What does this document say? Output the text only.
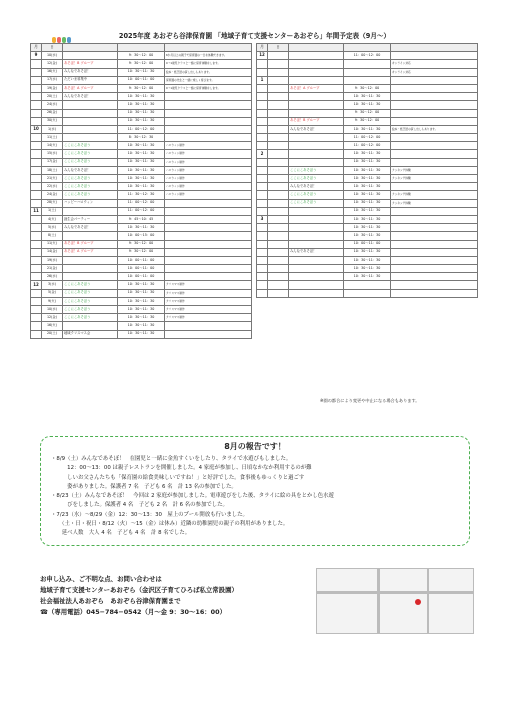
2025年度 あおぞら谷津保育園 「地域子育て支援センターあおぞら」年間予定表（9月〜）
月	日			
9	10(水)		9：30〜12：00	6か月以上の親子で保育園の一日を体験できます。
	12(金)	あそぼ！B グループ	9：30〜12：00	0〜1歳児クラスと一緒に保育体験をします。
	16(火)	みんなであそぼ！	10：30〜11：30	絵本・紙芝居の貸し出しもあります。
	17(水)	ただいま募集中	10：00〜11：00	保育園の先生と一緒に楽しく遊びます。
	19(金)	あそぼ！A グループ	9：30〜12：00	0〜1歳児クラスと一緒に保育体験をします。
	20(土)	みんなであそぼ！	10：30〜11：30	
	24(水)		10：30〜11：30	
	26(金)		10：30〜11：30	
	30(火)		10：30〜11：30	
10	1(水)		11：00〜12：00	
	11(土)		8：30〜12：30	
	14(火)	ここにこあそぼう	10：30〜11：30	ハロウィン制作
	15(水)	ここにこあそぼう	10：30〜11：30	ハロウィン制作
	17(金)	ここにこあそぼう	10：30〜11：30	ハロウィン制作
	18(土)	みんなであそぼ！	10：30〜11：30	ハロウィン制作
	21(火)	ここにこあそぼう	10：30〜11：30	ハロウィン制作
	22(水)	ここにこあそぼう	10：30〜11：30	ハロウィン制作
	24(金)	ここにこあそぼう	11：30〜12：30	ハロウィン制作
	28(火)	ハッピーハロウィン	11：00〜12：00	
11	1(土)		11：00〜12：00	
	4(火)	誕生会パーティー	9：45〜10：45	
	5(水)	みんなであそぼ！	10：30〜11：30	
	8(土)		10：00〜15：00	
	11(火)	あそぼ！B グループ	9：30〜12：00	
	14(金)	あそぼ！A グループ	9：30〜12：00	
	19(水)		10：00〜11：00	
	21(金)		10：00〜11：00	
	26(水)		10：00〜11：00	
12	3(水)	ここにこあそぼう	10：30〜11：30	クリスマス制作
	5(金)	ここにこあそぼう	10：30〜11：30	クリスマス制作
	9(火)	ここにこあそぼう	10：30〜11：30	クリスマス制作
	10(水)	ここにこあそぼう	10：30〜11：30	クリスマス制作
	12(金)	ここにこあそぼう	10：30〜11：30	クリスマス制作
	16(火)		10：30〜11：30	
	20(土)	地域クリスマス会	10：30〜11：30	
月	日			
12			11：00〜12：00	
				オンライン対応
				オンライン対応
1				
		あそぼ！A グループ	9：30〜12：00	
			10：30〜11：30	
			10：30〜11：30	
			9：30〜12：00	
		あそぼ！B グループ	9：30〜12：00	
		みんなであそぼ！	10：30〜11：30	絵本・紙芝居の貸し出しもあります。
			11：00〜12：00	
			11：00〜12：00	
2			10：30〜11：30	
			10：30〜11：30	
		ここにこあそぼう	10：30〜11：30	クッキング体験
		ここにこあそぼう	10：30〜11：30	クッキング体験
		みんなであそぼ！	10：30〜11：30	
		ここにこあそぼう	10：30〜11：30	クッキング体験
		ここにこあそぼう	10：30〜11：30	クッキング体験
			10：30〜11：30	
3			10：30〜11：30	
			10：30〜11：30	
			10：30〜11：30	
			10：00〜11：00	
		みんなであそぼ！	10：30〜11：30	
			10：30〜11：30	
			10：30〜11：30	
			10：30〜11：30	

※園の都合により変更や中止になる場合もあります。
8月の報告です！
・8/9（土）みんなであそぼ！　在園児と一緒に金魚すくいをしたり、タライで水遊びもしました。
　　　12：00〜13：00 は親子レストランを開催しました。4 家庭が参加し、日頃なかなか利用するのが難
　　　しいお父さんたちも「保育園の給食美味しいですね！」と好評でした。食事後もゆっくりと過ごす
　　　姿がありました。保護者 7 名　子ども 6 名　計 13 名の参加でした。
・8/23（土）みんなであそぼ！　今回は 2 家庭が参加しました。電車遊びをした後、タライに絵の具をとかし色水遊
　　　びをしました。保護者 4 名　子ども 2 名　計 6 名の参加でした。
・7/23（水）〜8/29（金）12：30〜13：30　屋上のプール開放も行いました。
　　（土・日・祝日・8/12（火）〜15（金）は休み）近隣の幼稚園児の親子の利用がありました。
　　延べ人数　大人 4 名　子ども 4 名　計 8 名でした。
お申し込み、ご不明な点、お問い合わせは
地域子育て支援センターあおぞら（金沢区子育てひろば私立常設園）
社会福祉法人あおぞら　あおぞら谷津保育園まで
☎（専用電話）045−784−0542（月〜金 9：30〜16：00）
